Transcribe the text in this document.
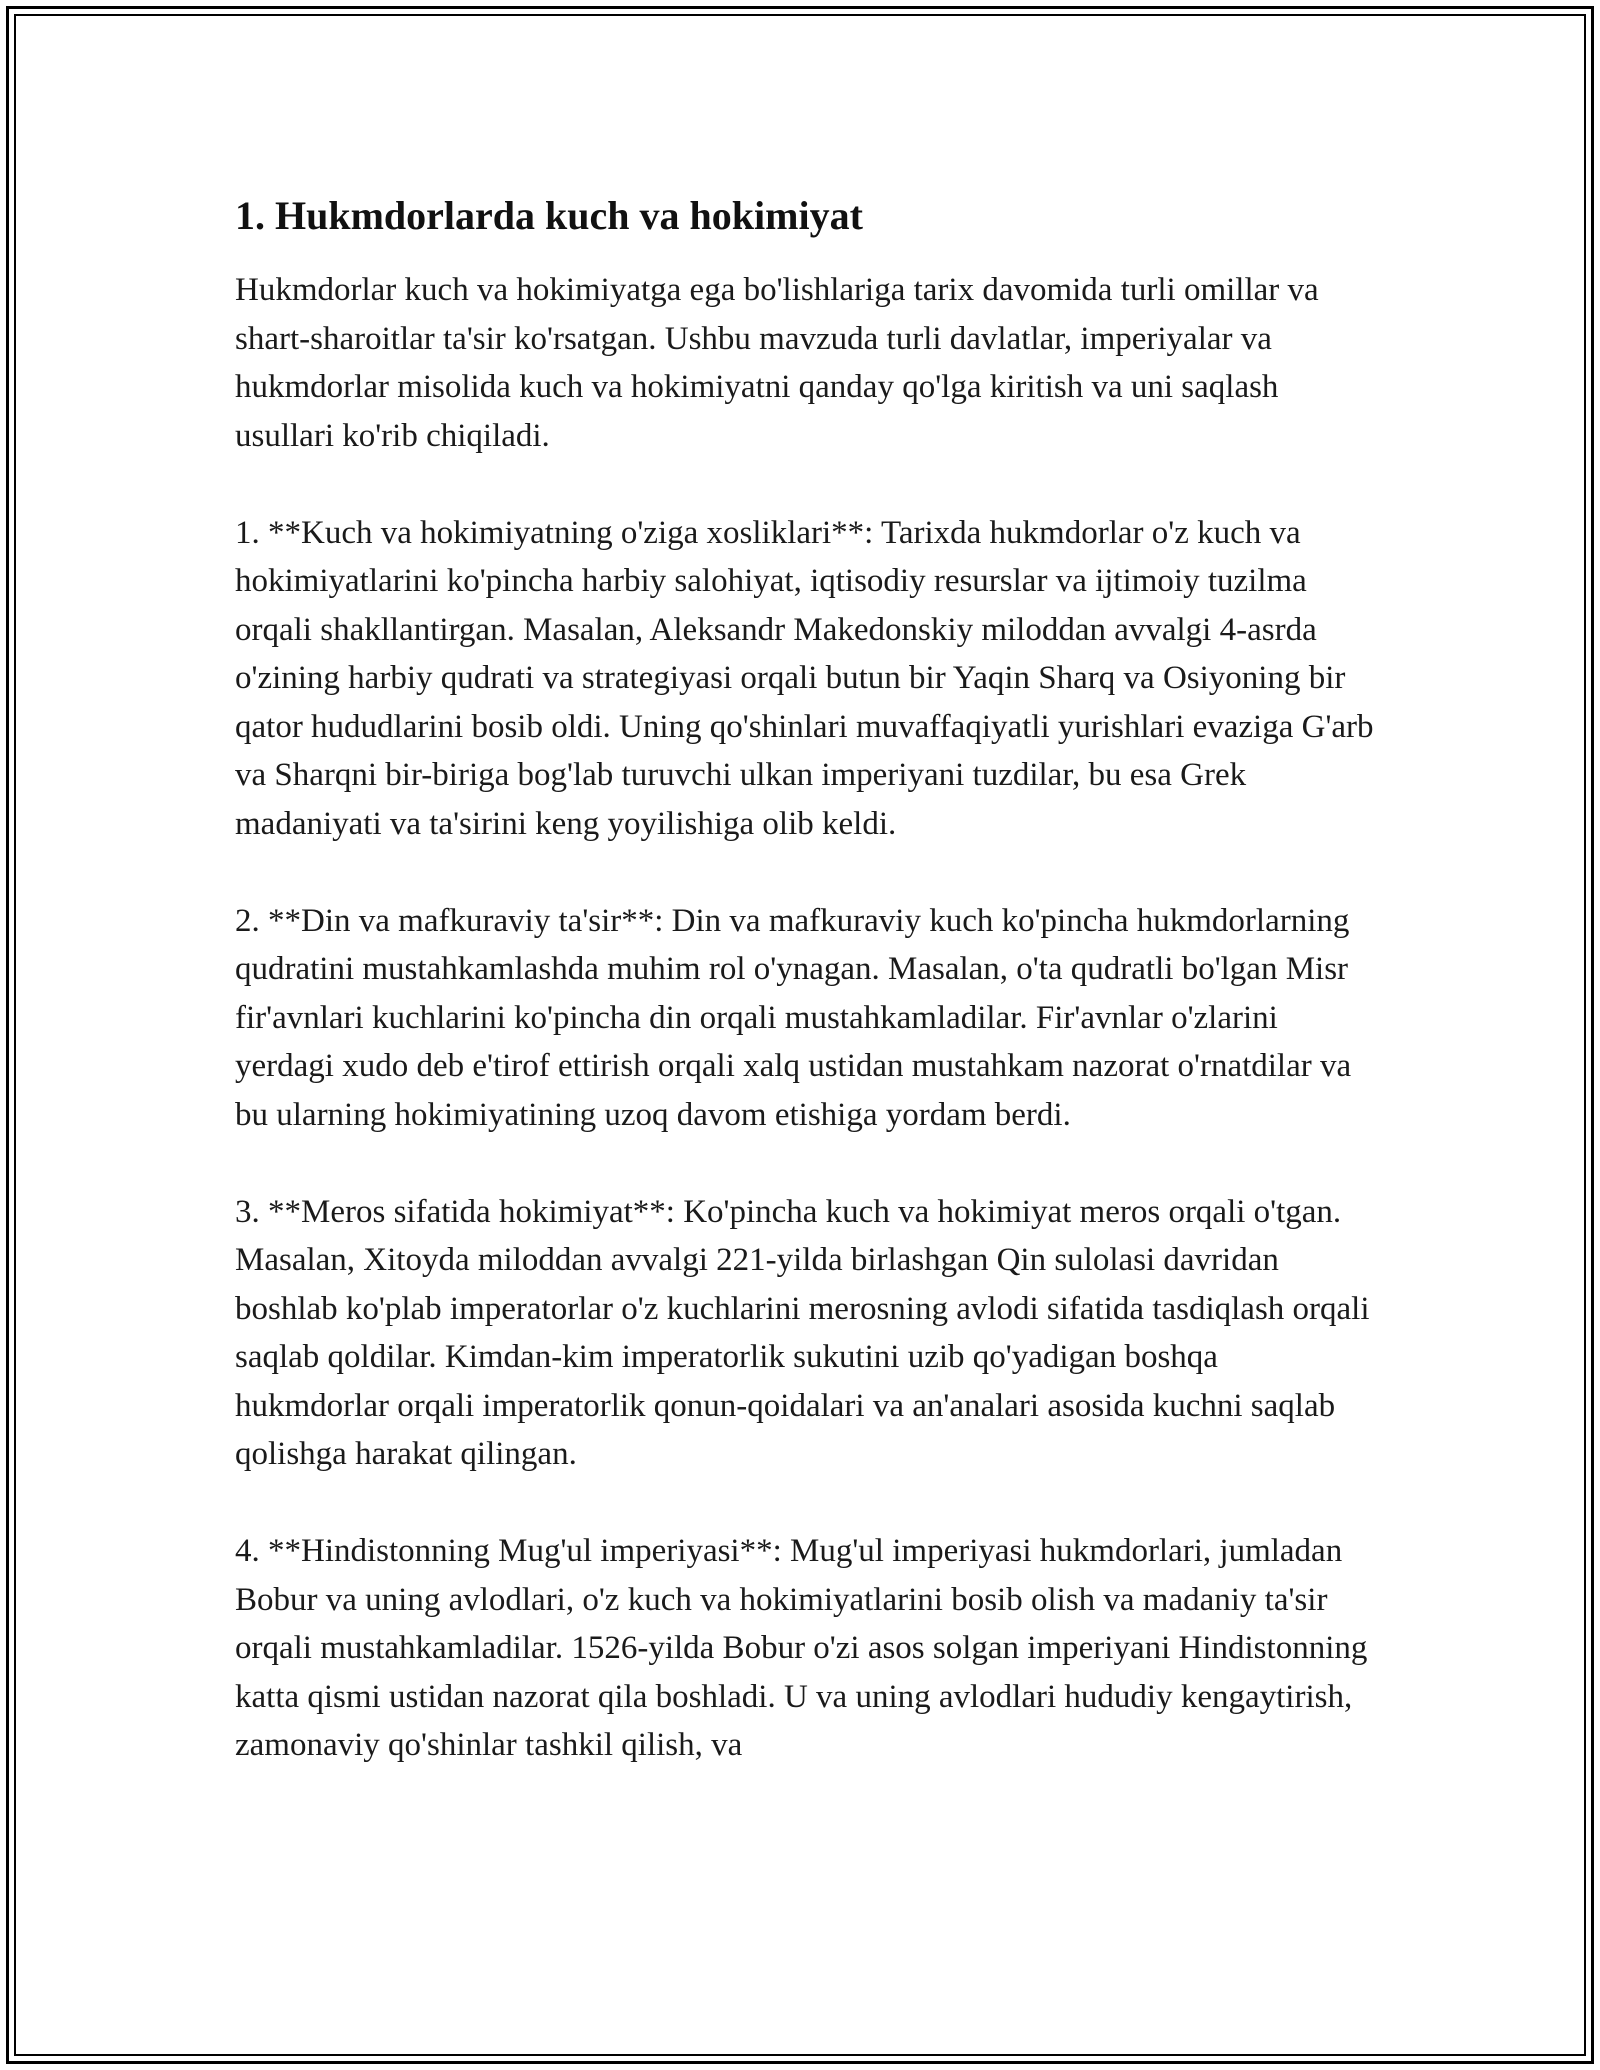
1. Hukmdorlarda kuch va hokimiyat

Hukmdorlar kuch va hokimiyatga ega bo'lishlariga tarix davomida turli omillar va shart-sharoitlar ta'sir ko'rsatgan. Ushbu mavzuda turli davlatlar, imperiyalar va hukmdorlar misolida kuch va hokimiyatni qanday qo'lga kiritish va uni saqlash usullari ko'rib chiqiladi.

1. **Kuch va hokimiyatning o'ziga xosliklari**: Tarixda hukmdorlar o'z kuch va hokimiyatlarini ko'pincha harbiy salohiyat, iqtisodiy resurslar va ijtimoiy tuzilma orqali shakllantirgan. Masalan, Aleksandr Makedonskiy miloddan avvalgi 4-asrda o'zining harbiy qudrati va strategiyasi orqali butun bir Yaqin Sharq va Osiyoning bir qator hududlarini bosib oldi. Uning qo'shinlari muvaffaqiyatli yurishlari evaziga G'arb va Sharqni bir-biriga bog'lab turuvchi ulkan imperiyani tuzdilar, bu esa Grek madaniyati va ta'sirini keng yoyilishiga olib keldi.

2. **Din va mafkuraviy ta'sir**: Din va mafkuraviy kuch ko'pincha hukmdorlarning qudratini mustahkamlashda muhim rol o'ynagan. Masalan, o'ta qudratli bo'lgan Misr fir'avnlari kuchlarini ko'pincha din orqali mustahkamladilar. Fir'avnlar o'zlarini yerdagi xudo deb e'tirof ettirish orqali xalq ustidan mustahkam nazorat o'rnatdilar va bu ularning hokimiyatining uzoq davom etishiga yordam berdi.

3. **Meros sifatida hokimiyat**: Ko'pincha kuch va hokimiyat meros orqali o'tgan. Masalan, Xitoyda miloddan avvalgi 221-yilda birlashgan Qin sulolasi davridan boshlab ko'plab imperatorlar o'z kuchlarini merosning avlodi sifatida tasdiqlash orqali saqlab qoldilar. Kimdan-kim imperatorlik sukutini uzib qo'yadigan boshqa hukmdorlar orqali imperatorlik qonun-qoidalari va an'analari asosida kuchni saqlab qolishga harakat qilingan.

4. **Hindistonning Mug'ul imperiyasi**: Mug'ul imperiyasi hukmdorlari, jumladan Bobur va uning avlodlari, o'z kuch va hokimiyatlarini bosib olish va madaniy ta'sir orqali mustahkamladilar. 1526-yilda Bobur o'zi asos solgan imperiyani Hindistonning katta qismi ustidan nazorat qila boshladi. U va uning avlodlari hududiy kengaytirish, zamonaviy qo'shinlar tashkil qilish, va
